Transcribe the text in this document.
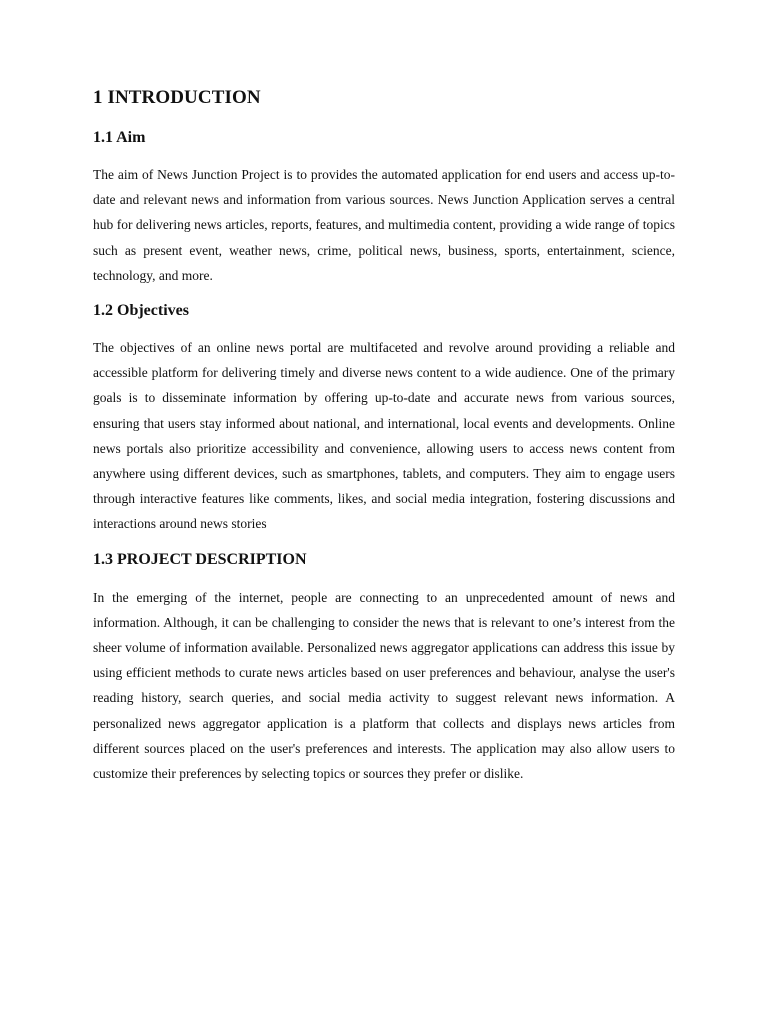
1 INTRODUCTION
1.1 Aim

The aim of News Junction Project is to provides the automated application for end users and access up-to-date and relevant news and information from various sources. News Junction Application serves a central hub for delivering news articles, reports, features, and multimedia content, providing a wide range of topics such as present event, weather news, crime, political news, business, sports, entertainment, science, technology, and more.

1.2 Objectives

The objectives of an online news portal are multifaceted and revolve around providing a reliable and accessible platform for delivering timely and diverse news content to a wide audience. One of the primary goals is to disseminate information by offering up-to-date and accurate news from various sources, ensuring that users stay informed about national, and international, local events and developments. Online news portals also prioritize accessibility and convenience, allowing users to access news content from anywhere using different devices, such as smartphones, tablets, and computers. They aim to engage users through interactive features like comments, likes, and social media integration, fostering discussions and interactions around news stories

1.3 PROJECT DESCRIPTION

In the emerging of the internet, people are connecting to an unprecedented amount of news and information. Although, it can be challenging to consider the news that is relevant to one’s interest from the sheer volume of information available. Personalized news aggregator applications can address this issue by using efficient methods to curate news articles based on user preferences and behaviour, analyse the user's reading history, search queries, and social media activity to suggest relevant news information. A personalized news aggregator application is a platform that collects and displays news articles from different sources placed on the user's preferences and interests. The application may also allow users to customize their preferences by selecting topics or sources they prefer or dislike.
